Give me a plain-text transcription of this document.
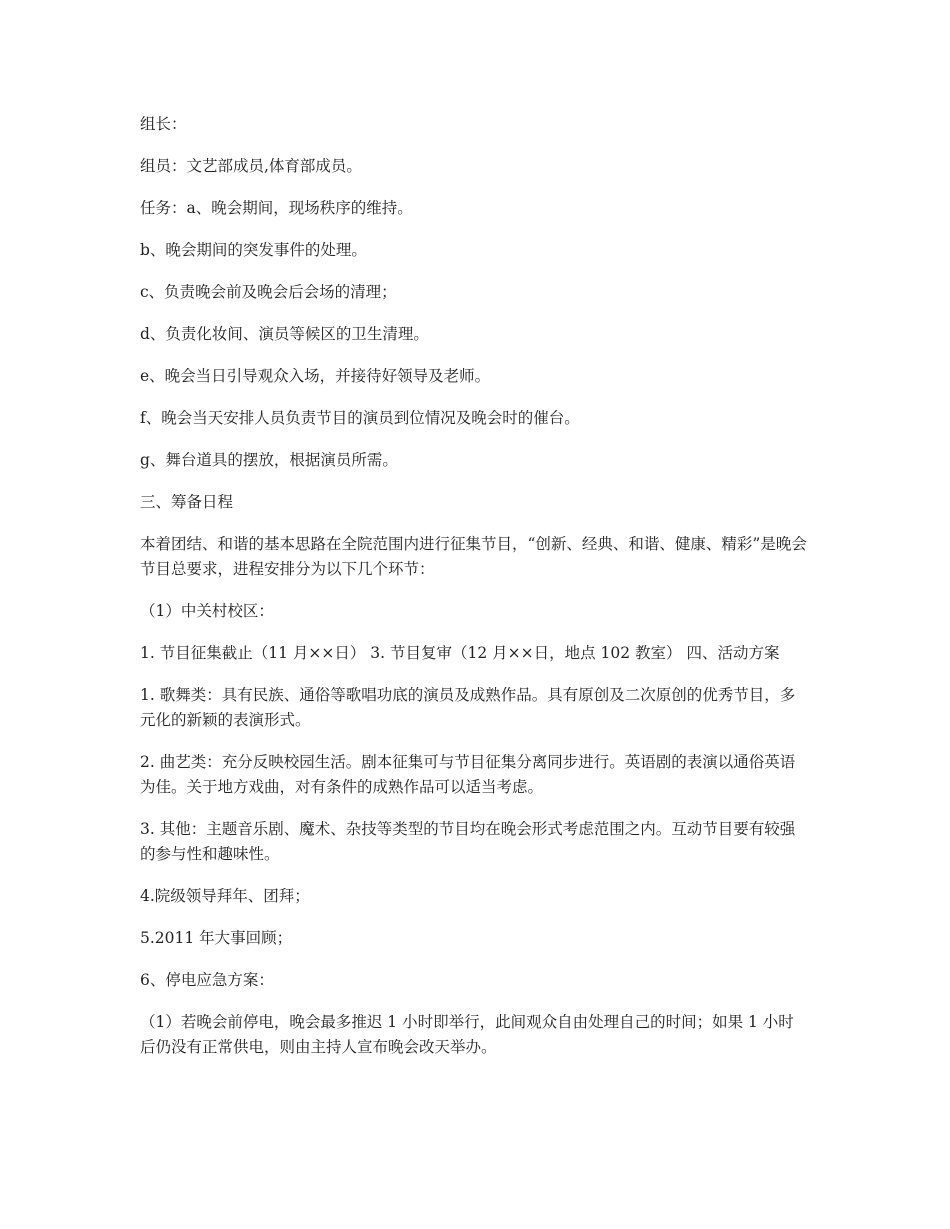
组长：

组员：文艺部成员,体育部成员。

任务：a、晚会期间，现场秩序的维持。

b、晚会期间的突发事件的处理。

c、负责晚会前及晚会后会场的清理；

d、负责化妆间、演员等候区的卫生清理。

e、晚会当日引导观众入场，并接待好领导及老师。

f、晚会当天安排人员负责节目的演员到位情况及晚会时的催台。

g、舞台道具的摆放，根据演员所需。

三、筹备日程

本着团结、和谐的基本思路在全院范围内进行征集节目，“创新、经典、和谐、健康、精彩”是晚会节目总要求，进程安排分为以下几个环节：

（1）中关村校区：

1. 节目征集截止（11 月××日） 3. 节目复审（12 月××日，地点 102 教室） 四、活动方案

1. 歌舞类：具有民族、通俗等歌唱功底的演员及成熟作品。具有原创及二次原创的优秀节目，多元化的新颖的表演形式。

2. 曲艺类：充分反映校园生活。剧本征集可与节目征集分离同步进行。英语剧的表演以通俗英语为佳。关于地方戏曲，对有条件的成熟作品可以适当考虑。

3. 其他：主题音乐剧、魔术、杂技等类型的节目均在晚会形式考虑范围之内。互动节目要有较强的参与性和趣味性。

4.院级领导拜年、团拜；

5.2011 年大事回顾；

6、停电应急方案：

（1）若晚会前停电，晚会最多推迟 1 小时即举行，此间观众自由处理自己的时间；如果 1 小时后仍没有正常供电，则由主持人宣布晚会改天举办。
